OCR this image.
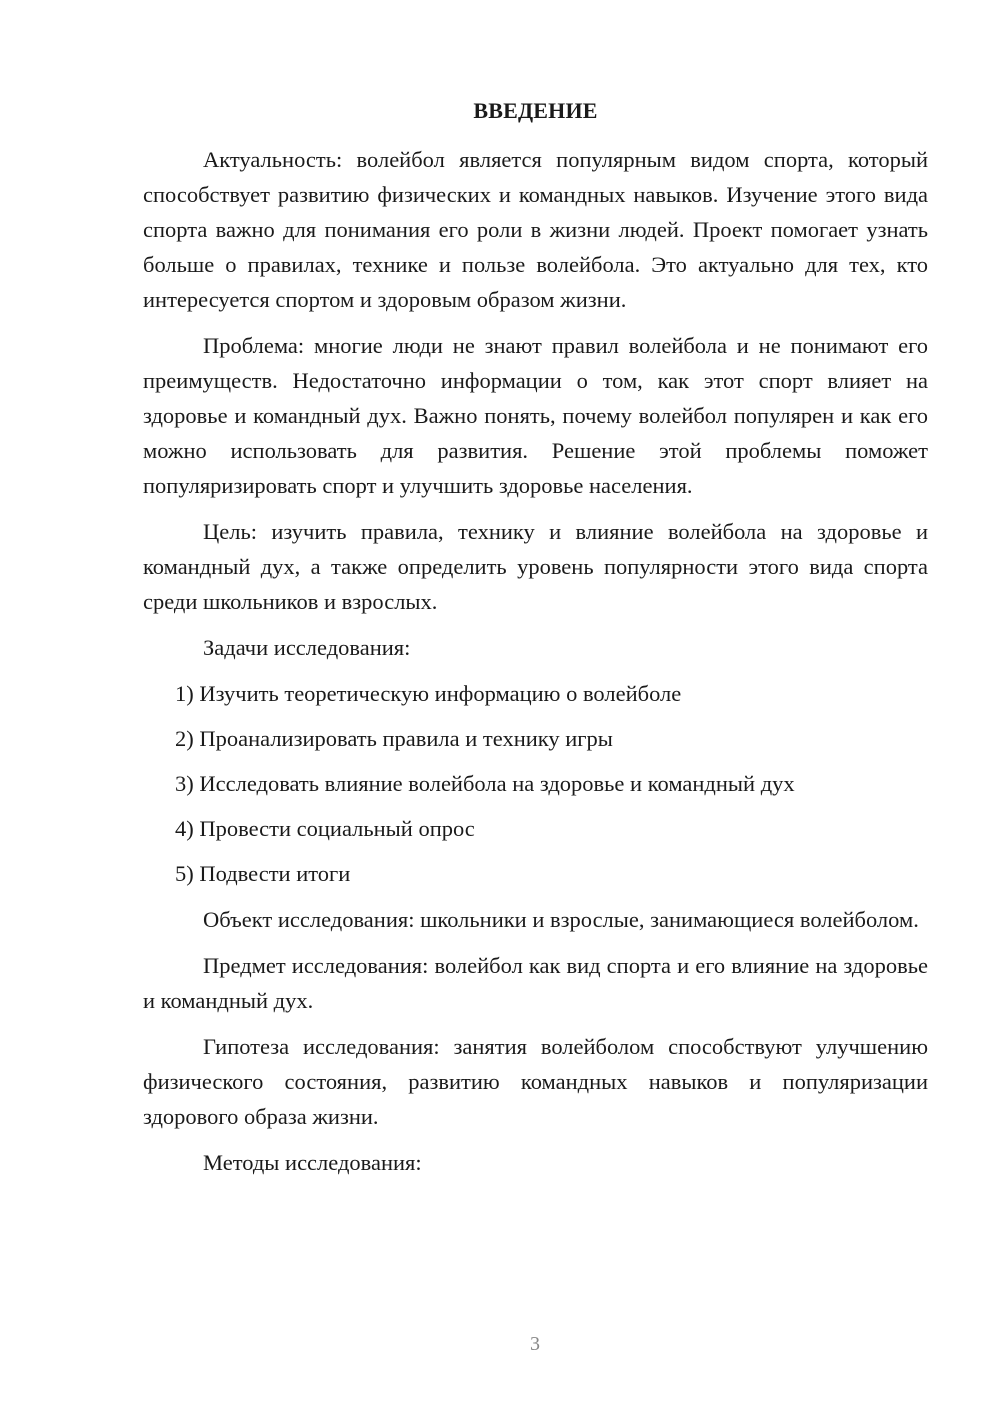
ВВЕДЕНИЕ

Актуальность: волейбол является популярным видом спорта, который способствует развитию физических и командных навыков. Изучение этого вида спорта важно для понимания его роли в жизни людей. Проект помогает узнать больше о правилах, технике и пользе волейбола. Это актуально для тех, кто интересуется спортом и здоровым образом жизни.

Проблема: многие люди не знают правил волейбола и не понимают его преимуществ. Недостаточно информации о том, как этот спорт влияет на здоровье и командный дух. Важно понять, почему волейбол популярен и как его можно использовать для развития. Решение этой проблемы поможет популяризировать спорт и улучшить здоровье населения.

Цель: изучить правила, технику и влияние волейбола на здоровье и командный дух, а также определить уровень популярности этого вида спорта среди школьников и взрослых.

Задачи исследования:

1) Изучить теоретическую информацию о волейболе
2) Проанализировать правила и технику игры
3) Исследовать влияние волейбола на здоровье и командный дух
4) Провести социальный опрос
5) Подвести итоги

Объект исследования: школьники и взрослые, занимающиеся волейболом.

Предмет исследования: волейбол как вид спорта и его влияние на здоровье и командный дух.

Гипотеза исследования: занятия волейболом способствуют улучшению физического состояния, развитию командных навыков и популяризации здорового образа жизни.

Методы исследования:

3
